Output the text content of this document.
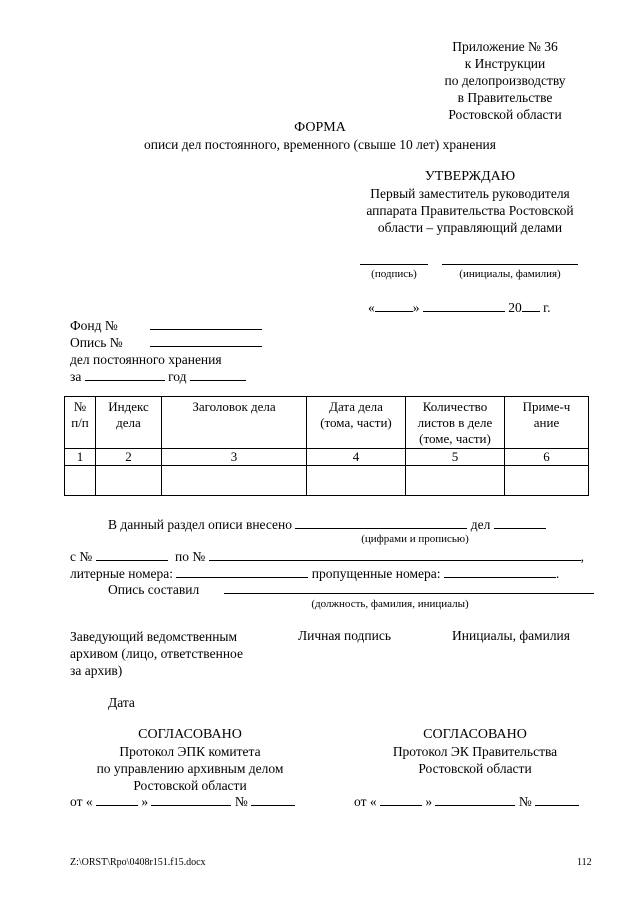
Приложение № 36
к Инструкции
по делопроизводству
в Правительстве
Ростовской области
ФОРМА
описи дел постоянного, временного (свыше 10 лет) хранения
УТВЕРЖДАЮ
Первый заместитель руководителя
аппарата Правительства Ростовской
области – управляющий делами
(подпись)	(инициалы, фамилия)
«	»	20 г.
Фонд №
Опись №
дел постоянного хранения
за	год
№ п/п	Индекс дела	Заголовок дела	Дата дела (тома, части)	Количество листов в деле (томе, части)	Приме-чание

1	2	3	4	5	6

В данный раздел описи внесено	дел
(цифрами и прописью)
с №	по №	,
литерные номера:	пропущенные номера:	.
Опись составил
(должность, фамилия, инициалы)
Заведующий ведомственным
архивом (лицо, ответственное
за архив)
Личная подпись	Инициалы, фамилия
Дата
СОГЛАСОВАНО
Протокол ЭПК комитета
по управлению архивным делом
Ростовской области
от «	»	№
СОГЛАСОВАНО
Протокол ЭК Правительства
Ростовской области
от «	»	№
Z:\ORST\Rpo\0408r151.f15.docx	112
